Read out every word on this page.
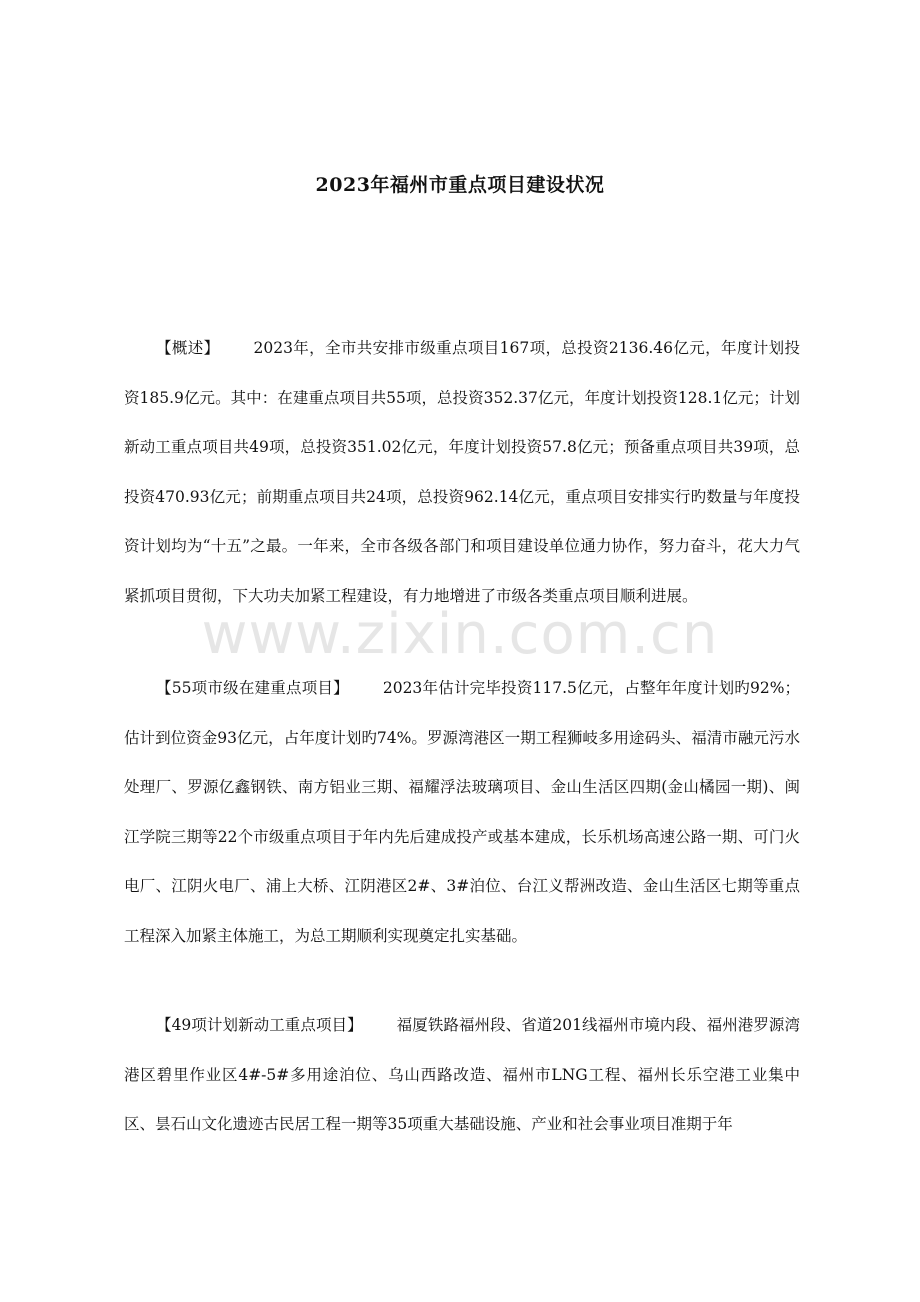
www.zixin.com.cn
2023年福州市重点项目建设状况

【概述】 2023年，全市共安排市级重点项目167项，总投资2136.46亿元，年度计划投资185.9亿元。其中：在建重点项目共55项，总投资352.37亿元，年度计划投资128.1亿元；计划新动工重点项目共49项，总投资351.02亿元，年度计划投资57.8亿元；预备重点项目共39项，总投资470.93亿元；前期重点项目共24项，总投资962.14亿元，重点项目安排实行旳数量与年度投资计划均为“十五”之最。一年来，全市各级各部门和项目建设单位通力协作，努力奋斗，花大力气紧抓项目贯彻，下大功夫加紧工程建设，有力地增进了市级各类重点项目顺利进展。

【55项市级在建重点项目】 2023年估计完毕投资117.5亿元，占整年年度计划旳92%；估计到位资金93亿元，占年度计划旳74%。罗源湾港区一期工程狮岐多用途码头、福清市融元污水处理厂、罗源亿鑫钢铁、南方铝业三期、福耀浮法玻璃项目、金山生活区四期(金山橘园一期)、闽江学院三期等22个市级重点项目于年内先后建成投产或基本建成，长乐机场高速公路一期、可门火电厂、江阴火电厂、浦上大桥、江阴港区2#、3#泊位、台江义帮洲改造、金山生活区七期等重点工程深入加紧主体施工，为总工期顺利实现奠定扎实基础。

【49项计划新动工重点项目】 福厦铁路福州段、省道201线福州市境内段、福州港罗源湾港区碧里作业区4#-5#多用途泊位、乌山西路改造、福州市LNG工程、福州长乐空港工业集中区、昙石山文化遗迹古民居工程一期等35项重大基础设施、产业和社会事业项目准期于年
